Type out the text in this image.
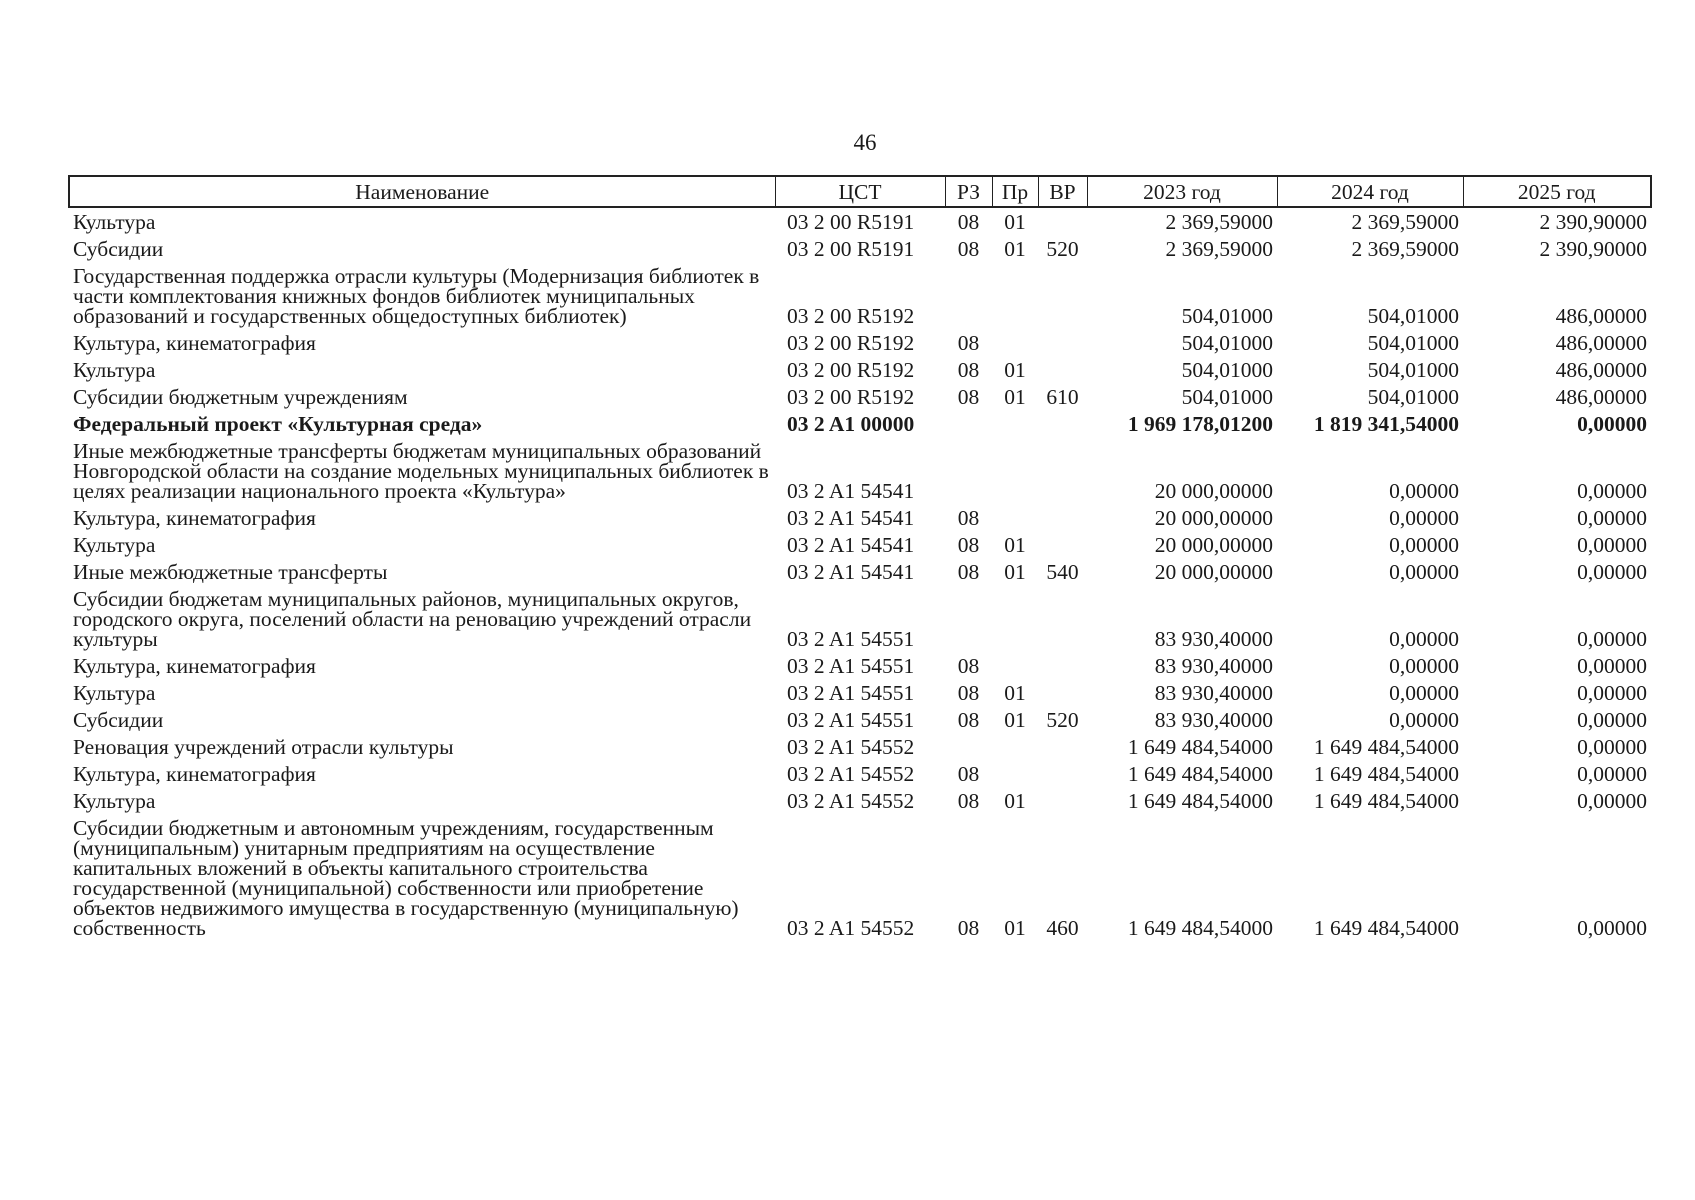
46
Наименование	ЦСТ	РЗ	Пр	ВР	2023 год	2024 год	2025 год
Культура	03 2 00 R5191	08	01		2 369,59000	2 369,59000	2 390,90000
Субсидии	03 2 00 R5191	08	01	520	2 369,59000	2 369,59000	2 390,90000
Государственная поддержка отрасли культуры (Модернизация библиотек в части комплектования книжных фондов библиотек муниципальных образований и государственных общедоступных библиотек)	03 2 00 R5192				504,01000	504,01000	486,00000
Культура, кинематография	03 2 00 R5192	08			504,01000	504,01000	486,00000
Культура	03 2 00 R5192	08	01		504,01000	504,01000	486,00000
Субсидии бюджетным учреждениям	03 2 00 R5192	08	01	610	504,01000	504,01000	486,00000
Федеральный проект «Культурная среда»	03 2 A1 00000				1 969 178,01200	1 819 341,54000	0,00000
Иные межбюджетные трансферты бюджетам муниципальных образований Новгородской области на создание модельных муниципальных библиотек в целях реализации национального проекта «Культура»	03 2 A1 54541				20 000,00000	0,00000	0,00000
Культура, кинематография	03 2 A1 54541	08			20 000,00000	0,00000	0,00000
Культура	03 2 A1 54541	08	01		20 000,00000	0,00000	0,00000
Иные межбюджетные трансферты	03 2 A1 54541	08	01	540	20 000,00000	0,00000	0,00000
Субсидии бюджетам муниципальных районов, муниципальных округов, городского округа, поселений области на реновацию учреждений отрасли культуры	03 2 A1 54551				83 930,40000	0,00000	0,00000
Культура, кинематография	03 2 A1 54551	08			83 930,40000	0,00000	0,00000
Культура	03 2 A1 54551	08	01		83 930,40000	0,00000	0,00000
Субсидии	03 2 A1 54551	08	01	520	83 930,40000	0,00000	0,00000
Реновация учреждений отрасли культуры	03 2 A1 54552				1 649 484,54000	1 649 484,54000	0,00000
Культура, кинематография	03 2 A1 54552	08			1 649 484,54000	1 649 484,54000	0,00000
Культура	03 2 A1 54552	08	01		1 649 484,54000	1 649 484,54000	0,00000
Субсидии бюджетным и автономным учреждениям, государственным (муниципальным) унитарным предприятиям на осуществление капитальных вложений в объекты капитального строительства государственной (муниципальной) собственности или приобретение объектов недвижимого имущества в государственную (муниципальную) собственность	03 2 A1 54552	08	01	460	1 649 484,54000	1 649 484,54000	0,00000
